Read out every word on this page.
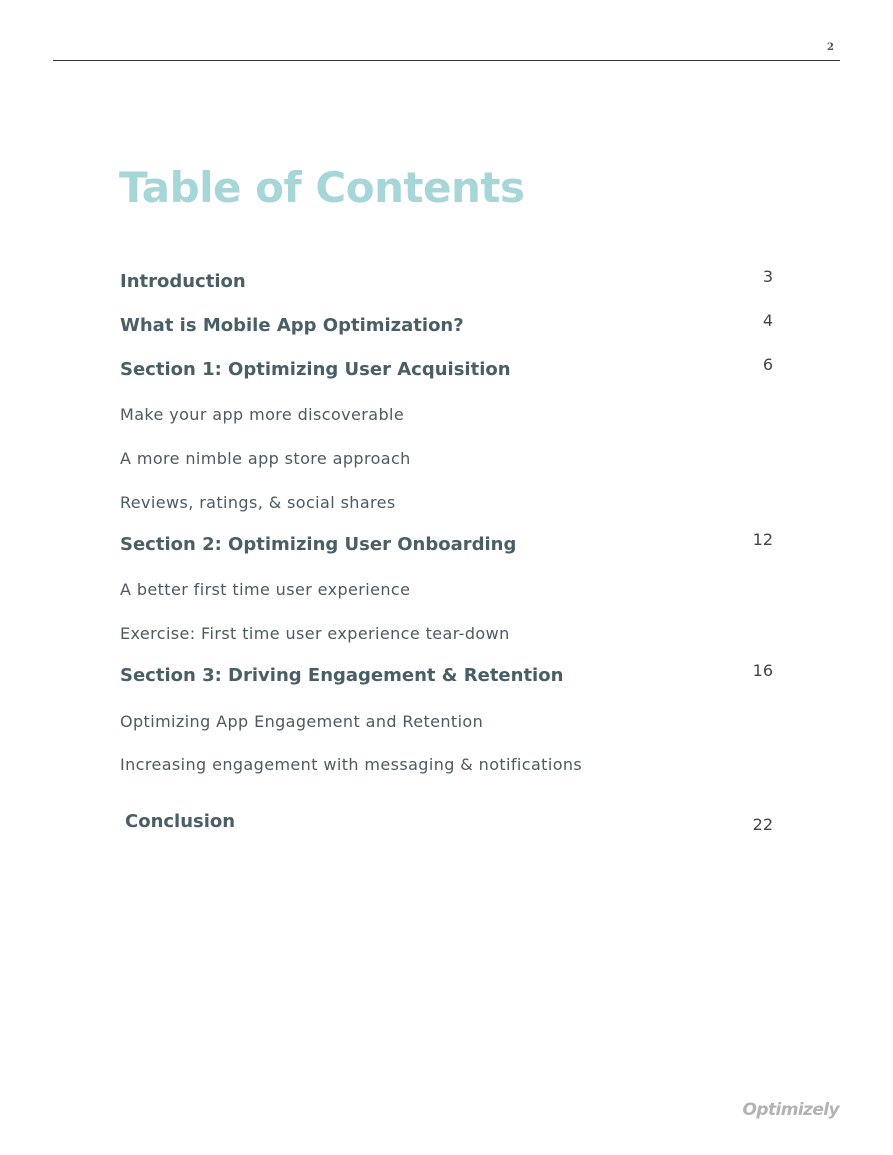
2
Table of Contents
Introduction	3
What is Mobile App Optimization?	4
Section 1: Optimizing User Acquisition	6
Make your app more discoverable
A more nimble app store approach
Reviews, ratings, & social shares
Section 2: Optimizing User Onboarding	12
A better first time user experience
Exercise: First time user experience tear-down
Section 3: Driving Engagement & Retention	16
Optimizing App Engagement and Retention
Increasing engagement with messaging & notifications
Conclusion	22
Optimizely
